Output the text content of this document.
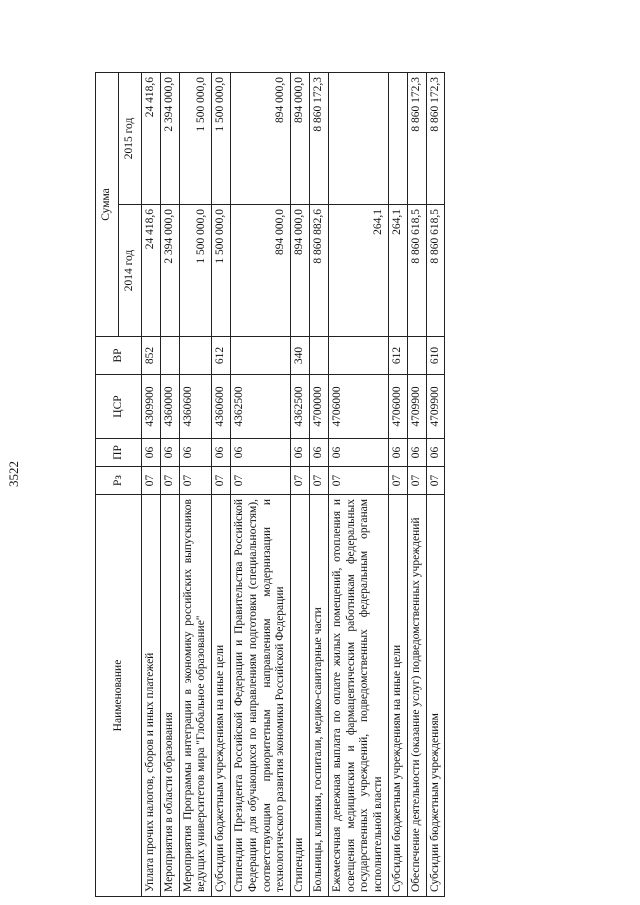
3522
Наименование	Рз	ПР	ЦСР	ВР	Сумма	
					2014 год	2015 год
Уплата прочих налогов, сборов и иных платежей	07	06	4309900	852	24 418,6	24 418,6
Мероприятия в области образования	07	06	4360000		2 394 000,0	2 394 000,0
Мероприятия Программы интеграции в экономику российских выпускников ведущих университетов мира "Глобальное образование"	07	06	4360600		1 500 000,0	1 500 000,0
Субсидии бюджетным учреждениям на иные цели	07	06	4360600	612	1 500 000,0	1 500 000,0
Стипендии Президента Российской Федерации и Правительства Российской Федерации для обучающихся по направлениям подготовки (специальностям), соответствующим приоритетным направлениям модернизации и технологического развития экономики Российской Федерации	07	06	4362500		894 000,0	894 000,0
Стипендии	07	06	4362500	340	894 000,0	894 000,0
Больницы, клиники, госпитали, медико-санитарные части	07	06	4700000		8 860 882,6	8 860 172,3
Ежемесячная денежная выплата по оплате жилых помещений, отопления и освещения медицинским и фармацевтическим работникам федеральных государственных учреждений, подведомственных федеральным органам исполнительной власти	07	06	4706000		264,1	
Субсидии бюджетным учреждениям на иные цели	07	06	4706000	612	264,1	
Обеспечение деятельности (оказание услуг) подведомственных учреждений	07	06	4709900		8 860 618,5	8 860 172,3
Субсидии бюджетным учреждениям	07	06	4709900	610	8 860 618,5	8 860 172,3
